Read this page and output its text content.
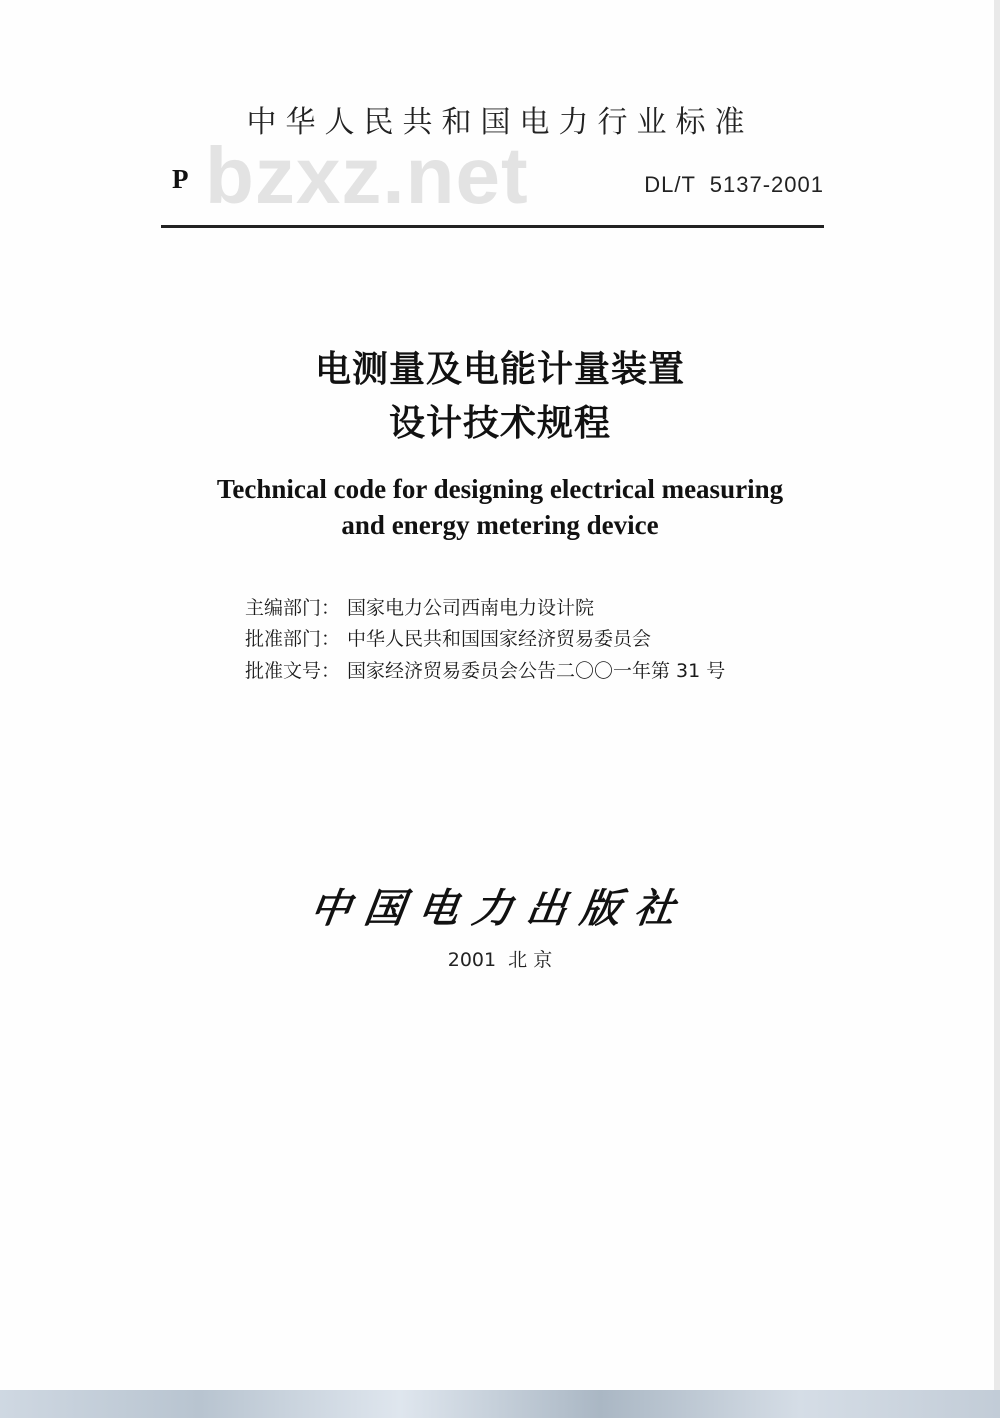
中华人民共和国电力行业标准
bzxz.net
P	DL/T  5137-2001
电测量及电能计量装置
设计技术规程
Technical code for designing electrical measuring
and energy metering device
主编部门： 国家电力公司西南电力设计院
批准部门： 中华人民共和国国家经济贸易委员会
批准文号： 国家经济贸易委员会公告二〇〇一年第 31 号
中国电力出版社
2001  北 京
